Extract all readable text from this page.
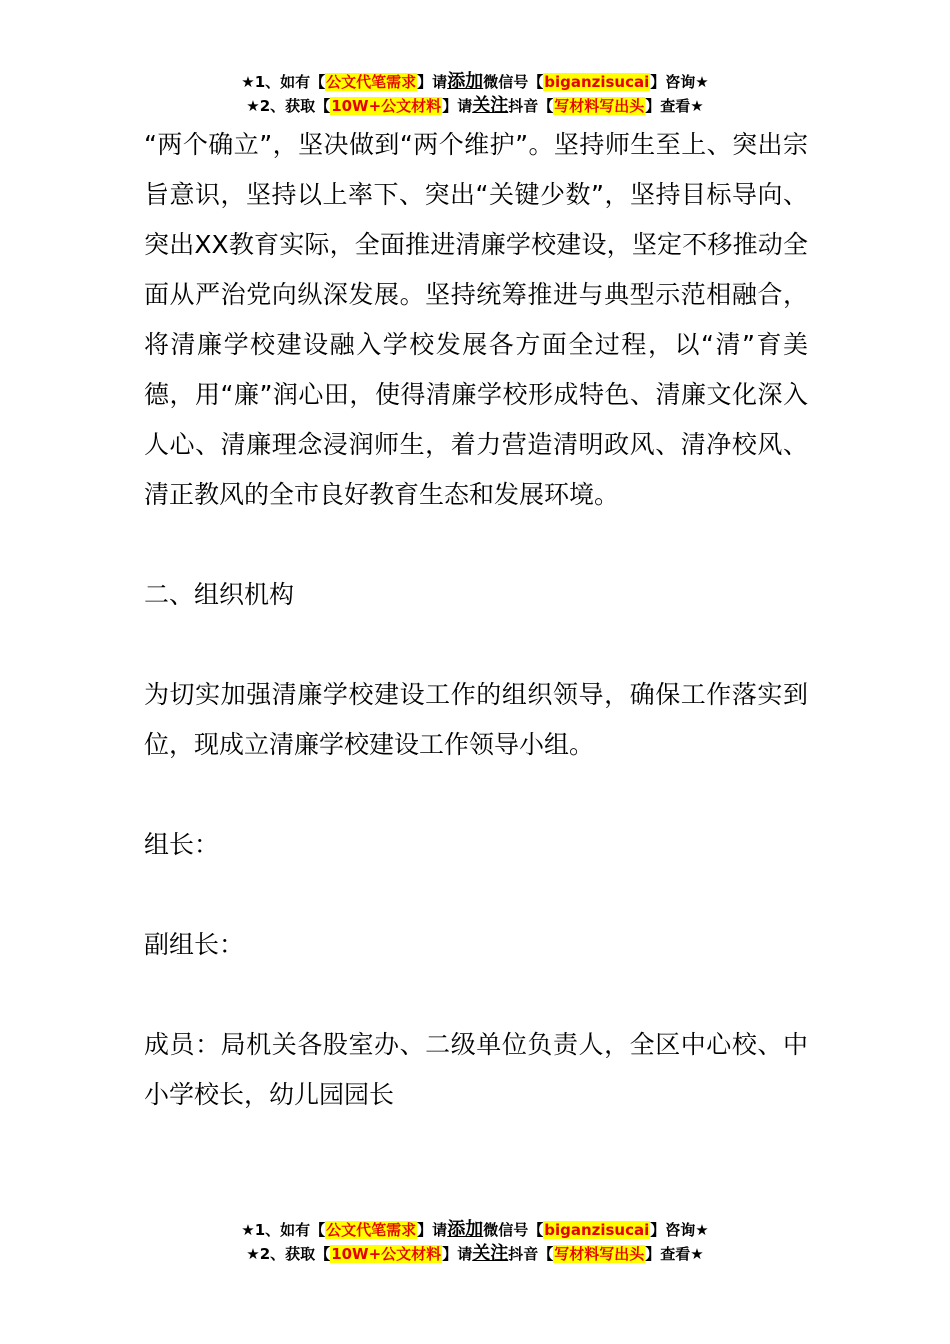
★1、如有【公文代笔需求】请添加微信号【biganzisucai】咨询★
★2、获取【10W+公文材料】请关注抖音【写材料写出头】查看★

“两个确立”，坚决做到“两个维护”。坚持师生至上、突出宗旨意识，坚持以上率下、突出“关键少数”，坚持目标导向、突出XX教育实际，全面推进清廉学校建设，坚定不移推动全面从严治党向纵深发展。坚持统筹推进与典型示范相融合，将清廉学校建设融入学校发展各方面全过程，以“清”育美德，用“廉”润心田，使得清廉学校形成特色、清廉文化深入人心、清廉理念浸润师生，着力营造清明政风、清净校风、清正教风的全市良好教育生态和发展环境。

二、组织机构

为切实加强清廉学校建设工作的组织领导，确保工作落实到位，现成立清廉学校建设工作领导小组。

组长：

副组长：

成员：局机关各股室办、二级单位负责人，全区中心校、中小学校长，幼儿园园长

★1、如有【公文代笔需求】请添加微信号【biganzisucai】咨询★
★2、获取【10W+公文材料】请关注抖音【写材料写出头】查看★
